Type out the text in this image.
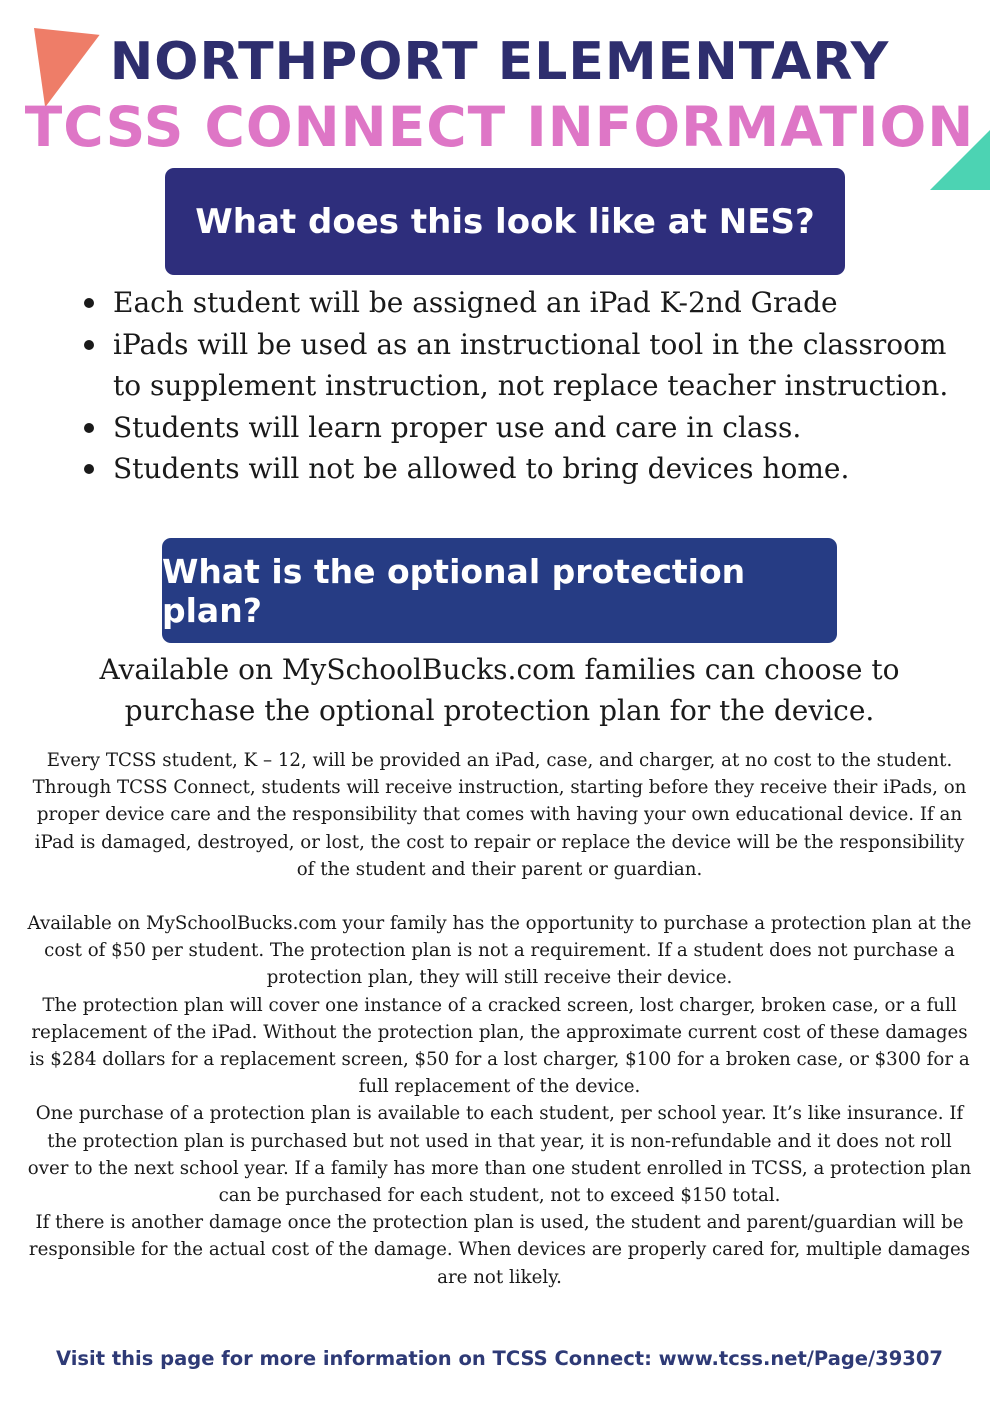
NORTHPORT ELEMENTARY
TCSS CONNECT INFORMATION
What does this look like at NES?
Each student will be assigned an iPad K-2nd Grade
iPads will be used as an instructional tool in the classroom to supplement instruction, not replace teacher instruction.
Students will learn proper use and care in class.
Students will not be allowed to bring devices home.
What is the optional protection plan?
Available on MySchoolBucks.com families can choose to purchase the optional protection plan for the device.

Every TCSS student, K – 12, will be provided an iPad, case, and charger, at no cost to the student. Through TCSS Connect, students will receive instruction, starting before they receive their iPads, on proper device care and the responsibility that comes with having your own educational device. If an iPad is damaged, destroyed, or lost, the cost to repair or replace the device will be the responsibility of the student and their parent or guardian.

Available on MySchoolBucks.com your family has the opportunity to purchase a protection plan at the cost of $50 per student. The protection plan is not a requirement. If a student does not purchase a protection plan, they will still receive their device.

The protection plan will cover one instance of a cracked screen, lost charger, broken case, or a full replacement of the iPad. Without the protection plan, the approximate current cost of these damages is $284 dollars for a replacement screen, $50 for a lost charger, $100 for a broken case, or $300 for a full replacement of the device.

One purchase of a protection plan is available to each student, per school year. It’s like insurance. If the protection plan is purchased but not used in that year, it is non-refundable and it does not roll over to the next school year. If a family has more than one student enrolled in TCSS, a protection plan can be purchased for each student, not to exceed $150 total.

If there is another damage once the protection plan is used, the student and parent/guardian will be responsible for the actual cost of the damage. When devices are properly cared for, multiple damages are not likely.

Visit this page for more information on TCSS Connect: www.tcss.net/Page/39307
